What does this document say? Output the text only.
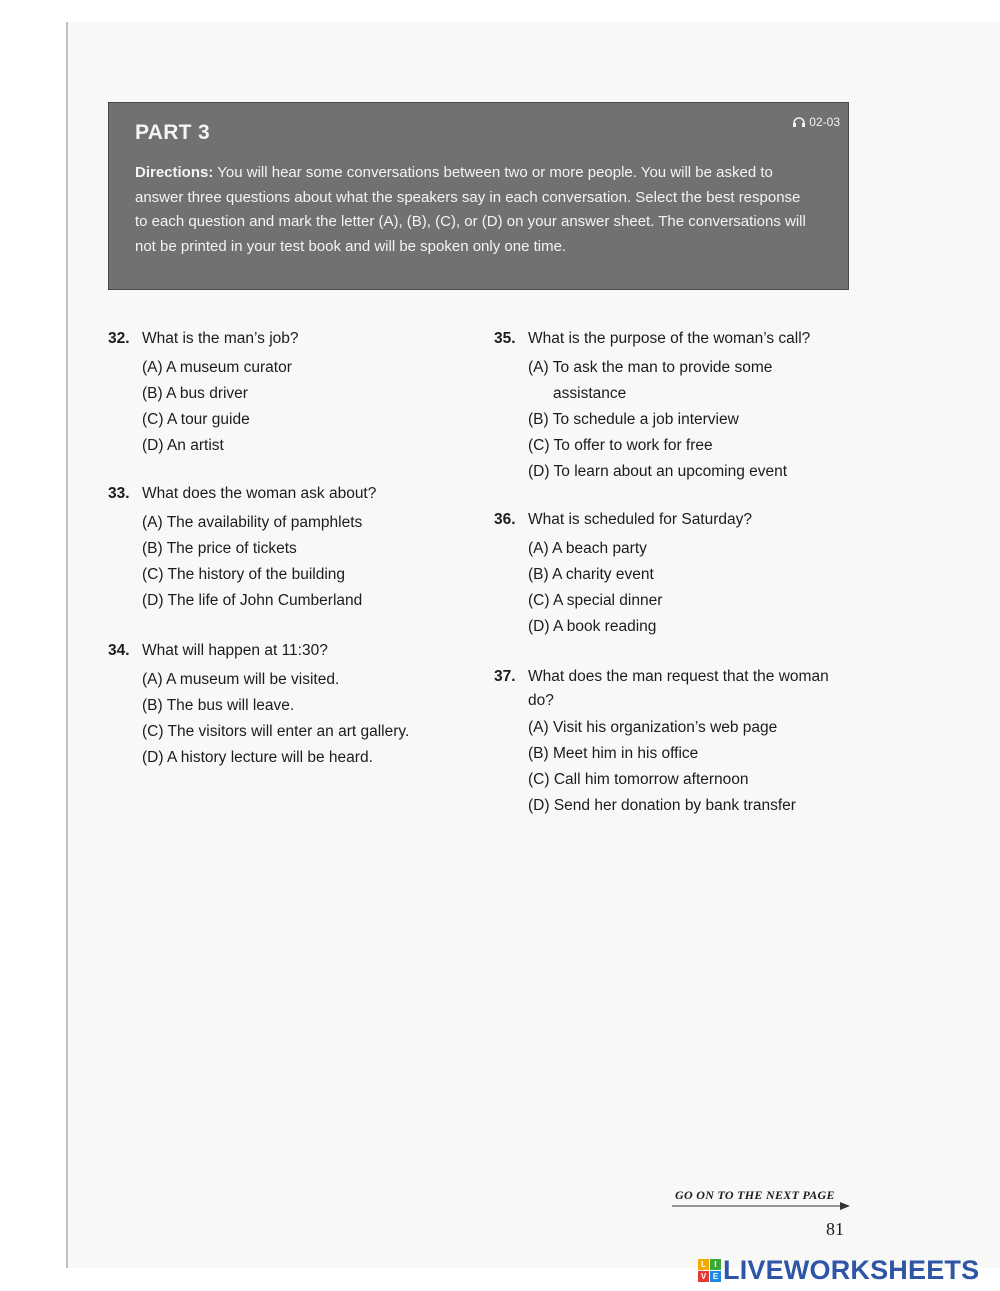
PART 3	02-03
Directions: You will hear some conversations between two or more people. You will be asked to answer three questions about what the speakers say in each conversation. Select the best response to each question and mark the letter (A), (B), (C), or (D) on your answer sheet. The conversations will not be printed in your test book and will be spoken only one time.
32. What is the man’s job?
(A) A museum curator
(B) A bus driver
(C) A tour guide
(D) An artist
33. What does the woman ask about?
(A) The availability of pamphlets
(B) The price of tickets
(C) The history of the building
(D) The life of John Cumberland
34. What will happen at 11:30?
(A) A museum will be visited.
(B) The bus will leave.
(C) The visitors will enter an art gallery.
(D) A history lecture will be heard.
35. What is the purpose of the woman’s call?
(A) To ask the man to provide some assistance
(B) To schedule a job interview
(C) To offer to work for free
(D) To learn about an upcoming event
36. What is scheduled for Saturday?
(A) A beach party
(B) A charity event
(C) A special dinner
(D) A book reading
37. What does the man request that the woman do?
(A) Visit his organization’s web page
(B) Meet him in his office
(C) Call him tomorrow afternoon
(D) Send her donation by bank transfer
GO ON TO THE NEXT PAGE
81
L	I
V E LIVEWORKSHEETS
